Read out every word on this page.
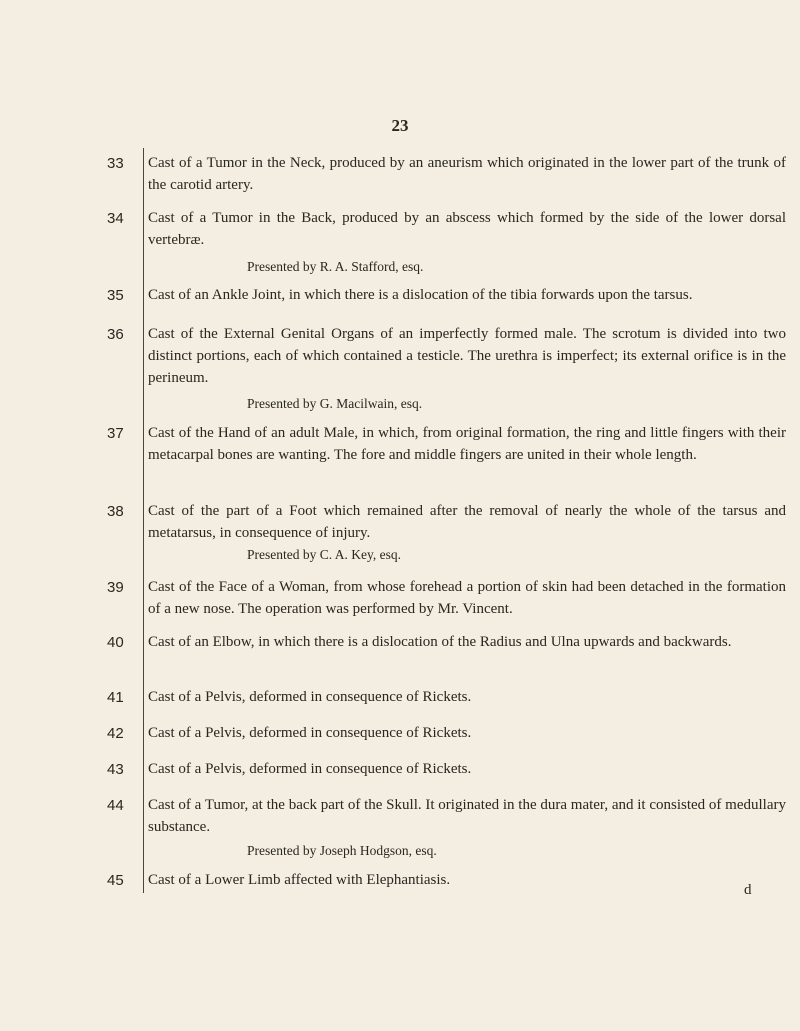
23
33	Cast of a Tumor in the Neck, produced by an aneurism which originated in the lower part of the trunk of the carotid artery.
34	Cast of a Tumor in the Back, produced by an abscess which formed by the side of the lower dorsal vertebræ.
Presented by R. A. Stafford, esq.
35	Cast of an Ankle Joint, in which there is a dislocation of the tibia forwards upon the tarsus.
36	Cast of the External Genital Organs of an imperfectly formed male. The scrotum is divided into two distinct portions, each of which contained a testicle. The urethra is imperfect; its external orifice is in the perineum.
Presented by G. Macilwain, esq.
37	Cast of the Hand of an adult Male, in which, from original formation, the ring and little fingers with their metacarpal bones are wanting. The fore and middle fingers are united in their whole length.
38	Cast of the part of a Foot which remained after the removal of nearly the whole of the tarsus and metatarsus, in consequence of injury.
Presented by C. A. Key, esq.
39	Cast of the Face of a Woman, from whose forehead a portion of skin had been detached in the formation of a new nose. The operation was performed by Mr. Vincent.
40	Cast of an Elbow, in which there is a dislocation of the Radius and Ulna upwards and backwards.
41	Cast of a Pelvis, deformed in consequence of Rickets.
42	Cast of a Pelvis, deformed in consequence of Rickets.
43	Cast of a Pelvis, deformed in consequence of Rickets.
44	Cast of a Tumor, at the back part of the Skull. It originated in the dura mater, and it consisted of medullary substance.
Presented by Joseph Hodgson, esq.
45	Cast of a Lower Limb affected with Elephantiasis.
d
